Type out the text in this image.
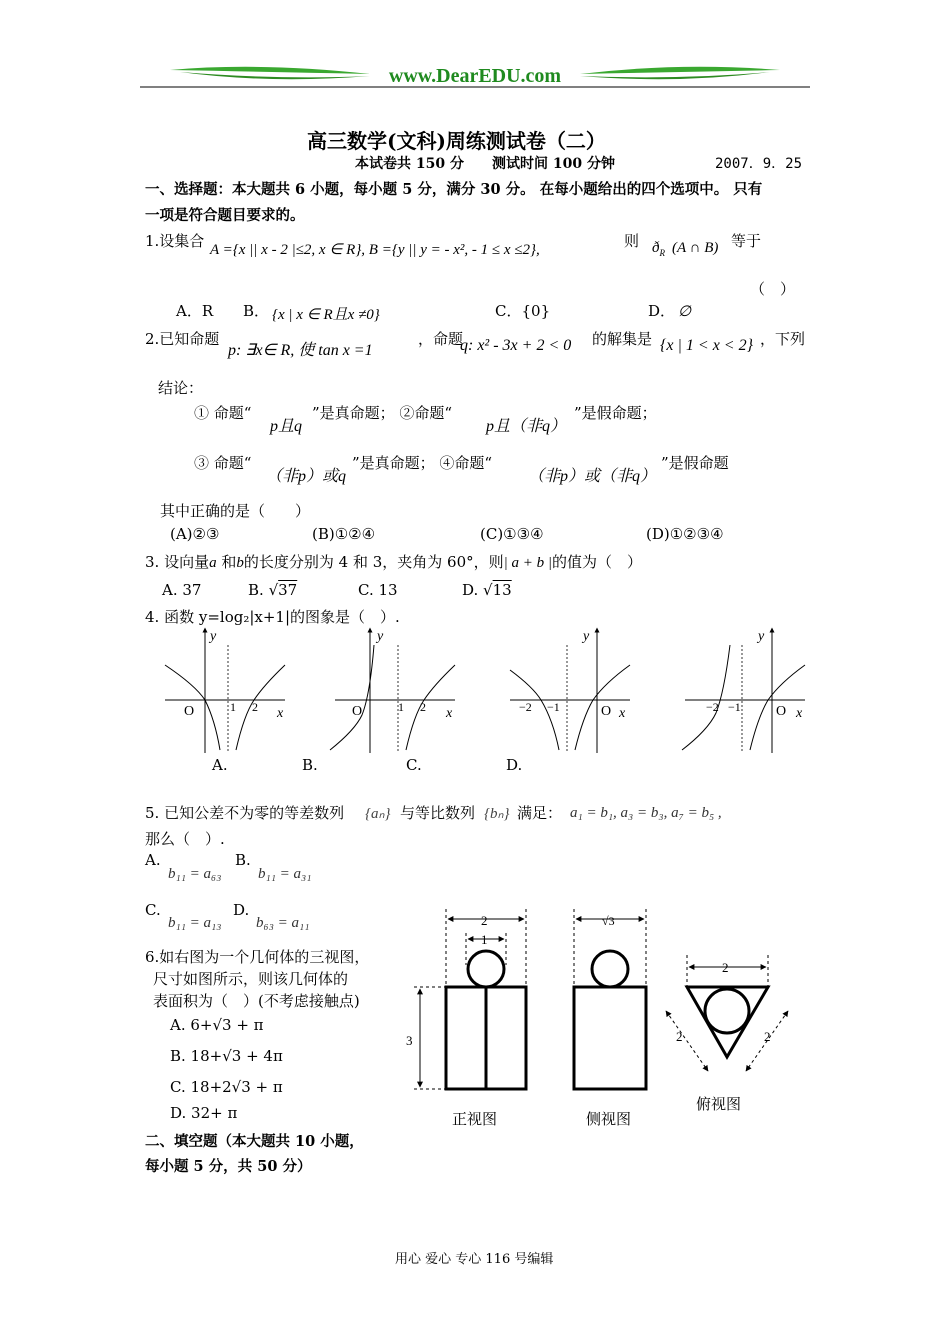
www.DearEDU.com
高三数学(文科)周练测试卷（二）
本试卷共 150 分　　测试时间 100 分钟	2007．9．25
一、选择题：本大题共 6 小题，每小题 5 分，满分 30 分。 在每小题给出的四个选项中。 只有
一项是符合题目要求的。
1.设集合 A ={x || x - 2 |≤2, x ∈ R}, B ={y || y = - x², - 1 ≤ x ≤2},	则 $ð_R$ (A ∩ B) 等于
（　）
A．R B． {x | x ∈ R且x ≠0}	C．{0}	D． ∅
2.已知命题
p: ∃x∈ R, 使 tan x =1
，命题
q: x² - 3x + 2 < 0 的解集是 {x | 1 < x < 2} ，下列
结论：
① 命题“
p且q
”是真命题； ②命题“
p且（非q）
”是假命题；
③ 命题“
（非p）或q
”是真命题； ④命题“
（非p）或（非q）
”是假命题
其中正确的是（　　）
(A)②③	(B)①②④	(C)①③④	(D)①②③④
3. 设向量a 和b的长度分别为 4 和 3，夹角为 60°，则| a + b |的值为（　）
A. 37	B. √37	C. 13	D. √13
4. 函数 y=log₂|x+1|的图象是（　）.
y
O	1 2 x
y
O	1 2 x
y
−2 −1	O x
y
−2 −1	O x
A.	B.	C.	D.
5. 已知公差不为零的等差数列 {aₙ} 与等比数列 {bₙ} 满足： a₁ = b₁, a₃ = b₃, a₇ = b₅ ,
那么（　）.
A.
b₁₁ = a₆₃
B.
b₁₁ = a₃₁
C.
b₁₁ = a₁₃
D.
b₆₃ = a₁₁
6.如右图为一个几何体的三视图，
尺寸如图所示，则该几何体的
表面积为（　）(不考虑接触点)
A. 6+√3 + π
B. 18+√3 + 4π
C. 18+2√3 + π
D. 32+ π
2
1
3
正视图
√3
侧视图
2
2	2
俯视图
二、填空题（本大题共 10 小题，
每小题 5 分，共 50 分）
用心 爱心 专心 116 号编辑
